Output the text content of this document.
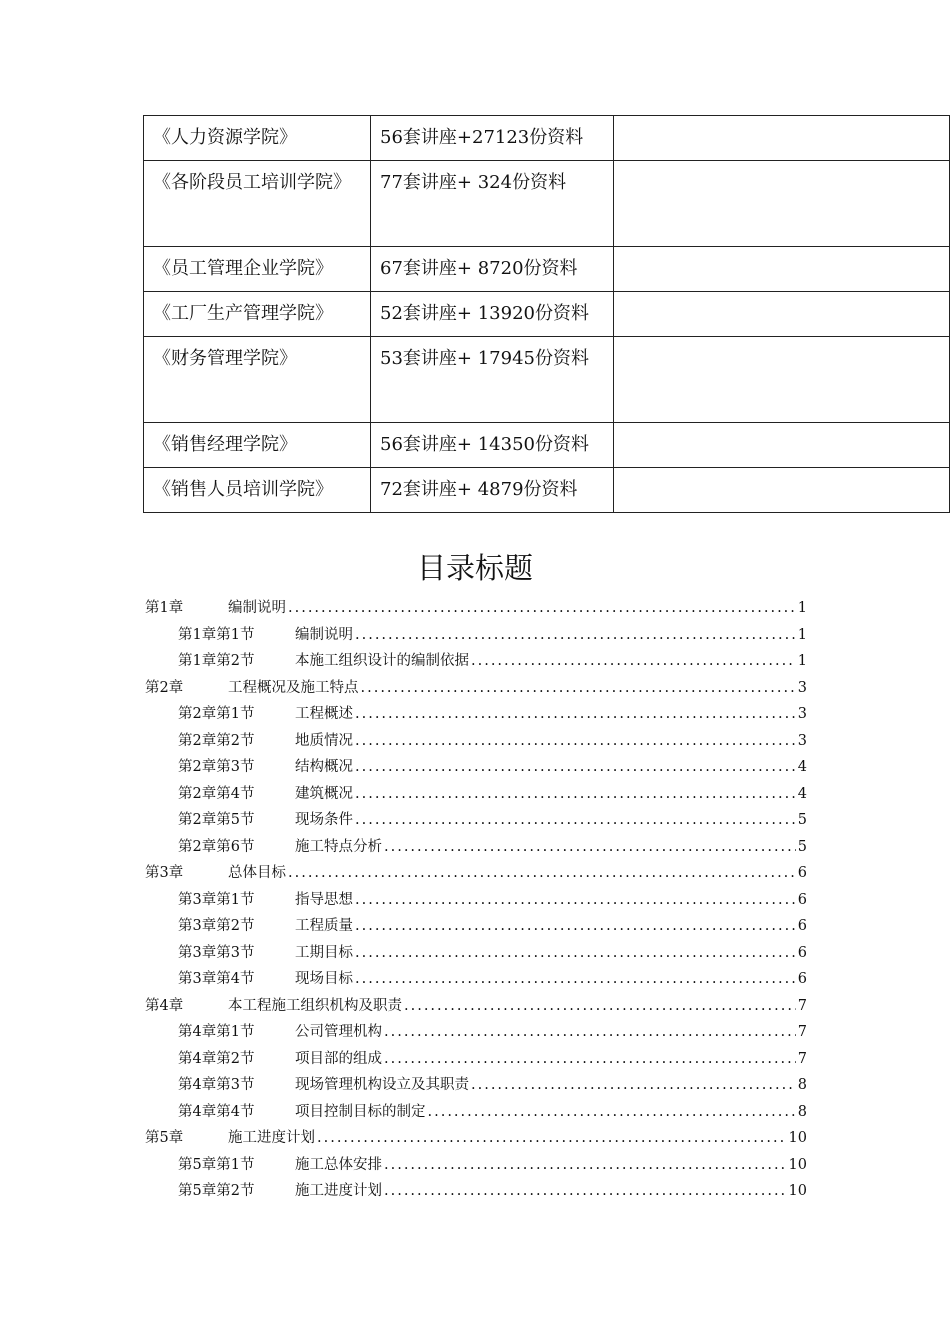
《人力资源学院》	56套讲座+27123份资料	
《各阶段员工培训学院》	77套讲座+ 324份资料	
《员工管理企业学院》	67套讲座+ 8720份资料	
《工厂生产管理学院》	52套讲座+ 13920份资料	
《财务管理学院》	53套讲座+ 17945份资料	
《销售经理学院》	56套讲座+ 14350份资料	
《销售人员培训学院》	72套讲座+ 4879份资料	
目录标题
第1章	编制说明 .....	1
第1章第1节	编制说明 .....	1
第1章第2节	本施工组织设计的编制依据 .....	1
第2章	工程概况及施工特点 .....	3
第2章第1节	工程概述 .....	3
第2章第2节	地质情况 .....	3
第2章第3节	结构概况 .....	4
第2章第4节	建筑概况 .....	4
第2章第5节	现场条件 .....	5
第2章第6节	施工特点分析 .....	5
第3章	总体目标 .....	6
第3章第1节	指导思想 .....	6
第3章第2节	工程质量 .....	6
第3章第3节	工期目标 .....	6
第3章第4节	现场目标 .....	6
第4章	本工程施工组织机构及职责 .....	7
第4章第1节	公司管理机构 .....	7
第4章第2节	项目部的组成 .....	7
第4章第3节	现场管理机构设立及其职责 .....	8
第4章第4节	项目控制目标的制定 .....	8
第5章	施工进度计划 .....	10
第5章第1节	施工总体安排 .....	10
第5章第2节	施工进度计划 .....	10
